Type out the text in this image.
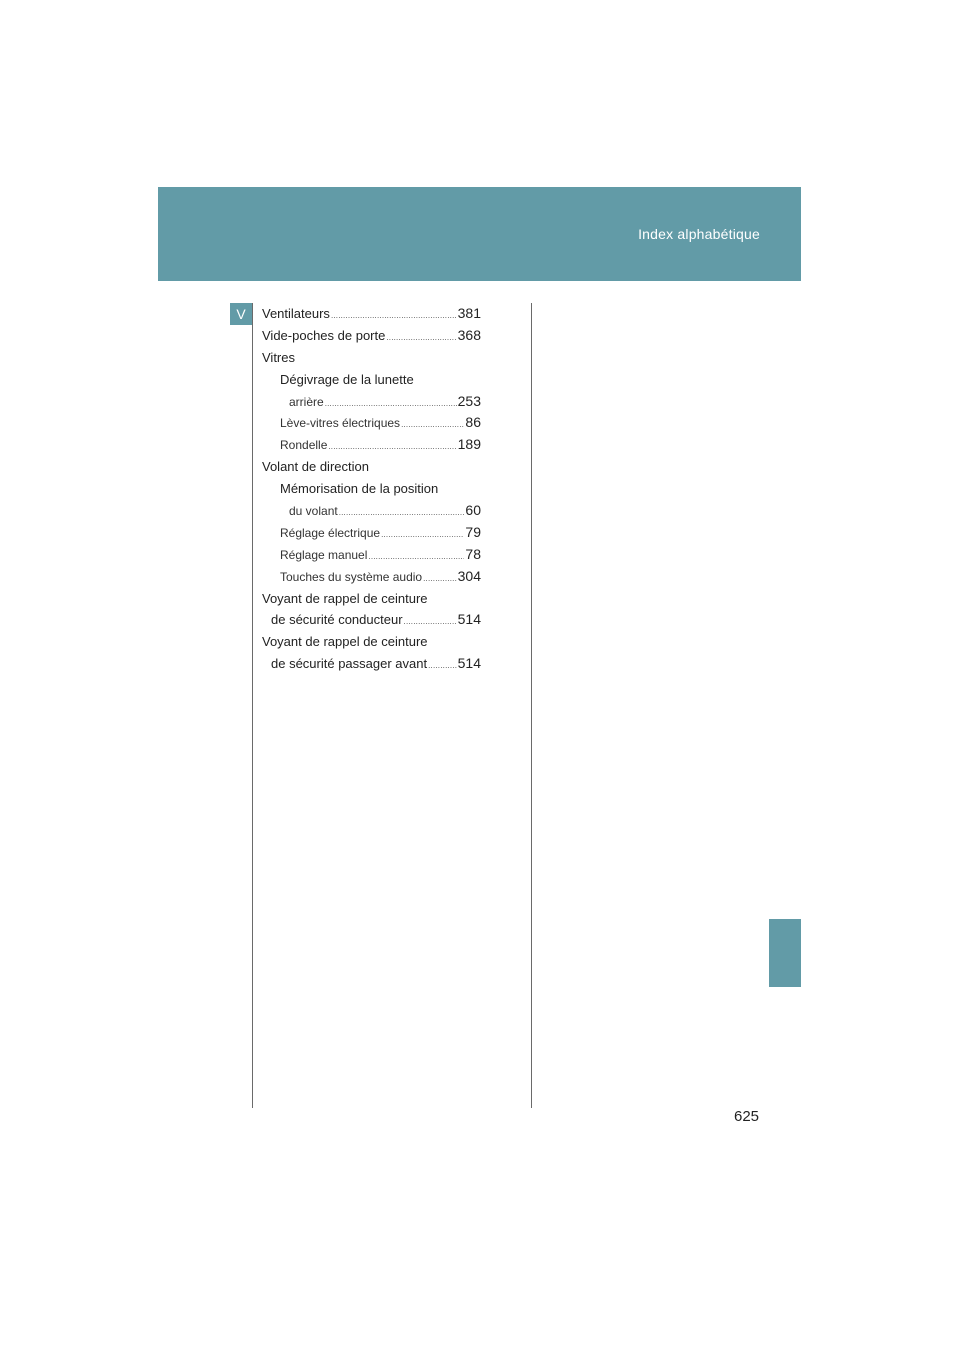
Index alphabétique
V	Ventilateurs .....	381
Vide-poches de porte .....	368
Vitres
Dégivrage de la lunette
arrière .....	253
Lève-vitres électriques .....	86
Rondelle .....	189
Volant de direction
Mémorisation de la position
du volant .....	60
Réglage électrique .....	79
Réglage manuel .....	78
Touches du système audio .....	304
Voyant de rappel de ceinture
de sécurité conducteur .....	514
Voyant de rappel de ceinture
de sécurité passager avant ..... 514
625
